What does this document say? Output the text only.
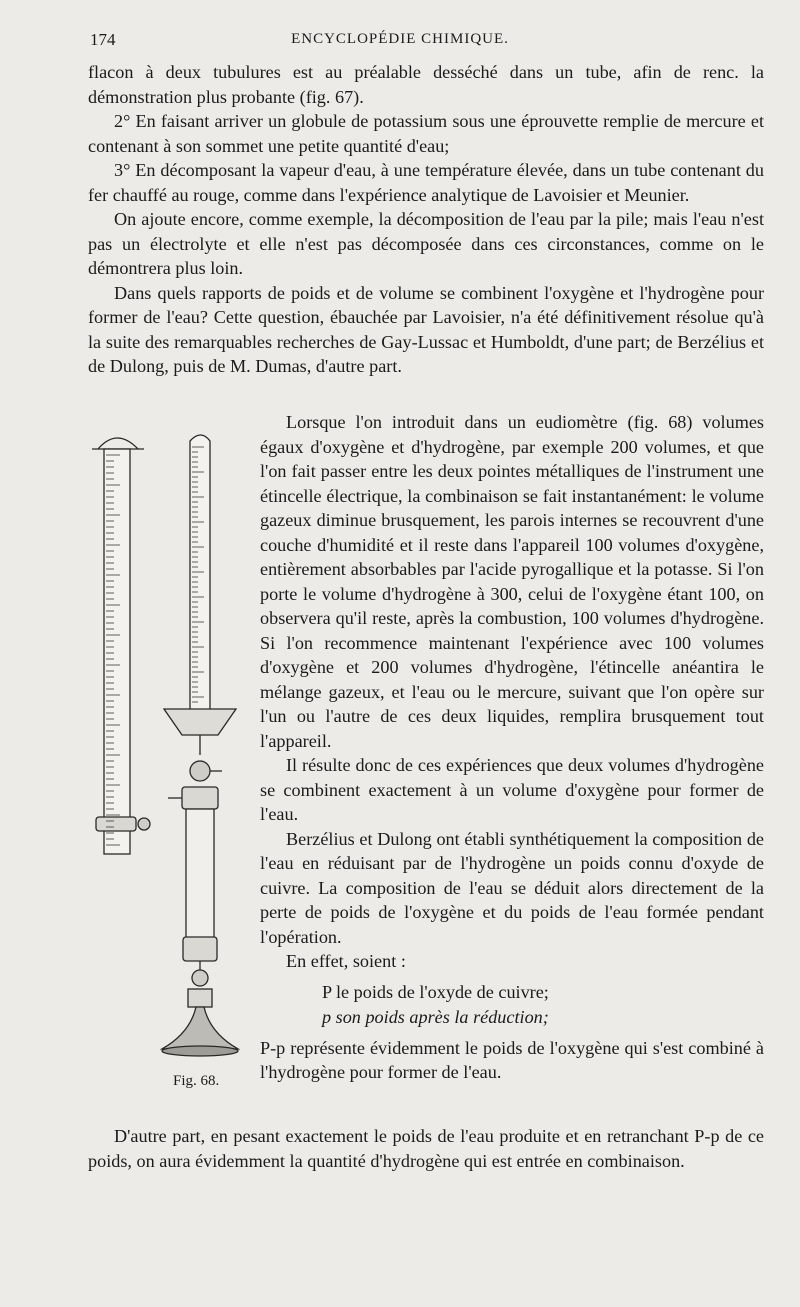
174	ENCYCLOPÉDIE CHIMIQUE.

flacon à deux tubulures est au préalable desséché dans un tube, afin de renc. la démonstration plus probante (fig. 67).

2° En faisant arriver un globule de potassium sous une éprouvette remplie de mercure et contenant à son sommet une petite quantité d'eau;

3° En décomposant la vapeur d'eau, à une température élevée, dans un tube contenant du fer chauffé au rouge, comme dans l'expérience analytique de Lavoisier et Meunier.

On ajoute encore, comme exemple, la décomposition de l'eau par la pile; mais l'eau n'est pas un électrolyte et elle n'est pas décomposée dans ces circonstances, comme on le démontrera plus loin.

Dans quels rapports de poids et de volume se combinent l'oxygène et l'hydrogène pour former de l'eau? Cette question, ébauchée par Lavoisier, n'a été définitivement résolue qu'à la suite des remarquables recherches de Gay-Lussac et Humboldt, d'une part; de Berzélius et de Dulong, puis de M. Dumas, d'autre part.

Fig. 68.

Lorsque l'on introduit dans un eudiomètre (fig. 68) volumes égaux d'oxygène et d'hydrogène, par exemple 200 volumes, et que l'on fait passer entre les deux pointes métalliques de l'instrument une étincelle électrique, la combinaison se fait instantanément: le volume gazeux diminue brusquement, les parois internes se recouvrent d'une couche d'humidité et il reste dans l'appareil 100 volumes d'oxygène, entièrement absorbables par l'acide pyrogallique et la potasse. Si l'on porte le volume d'hydrogène à 300, celui de l'oxygène étant 100, on observera qu'il reste, après la combustion, 100 volumes d'hydrogène. Si l'on recommence maintenant l'expérience avec 100 volumes d'oxygène et 200 volumes d'hydrogène, l'étincelle anéantira le mélange gazeux, et l'eau ou le mercure, suivant que l'on opère sur l'un ou l'autre de ces deux liquides, remplira brusquement tout l'appareil.

Il résulte donc de ces expériences que deux volumes d'hydrogène se combinent exactement à un volume d'oxygène pour former de l'eau.

Berzélius et Dulong ont établi synthétiquement la composition de l'eau en réduisant par de l'hydrogène un poids connu d'oxyde de cuivre. La composition de l'eau se déduit alors directement de la perte de poids de l'oxygène et du poids de l'eau formée pendant l'opération.

En effet, soient :

P le poids de l'oxyde de cuivre;
p son poids après la réduction;

P-p représente évidemment le poids de l'oxygène qui s'est combiné à l'hydrogène pour former de l'eau.

D'autre part, en pesant exactement le poids de l'eau produite et en retranchant P-p de ce poids, on aura évidemment la quantité d'hydrogène qui est entrée en combinaison.
